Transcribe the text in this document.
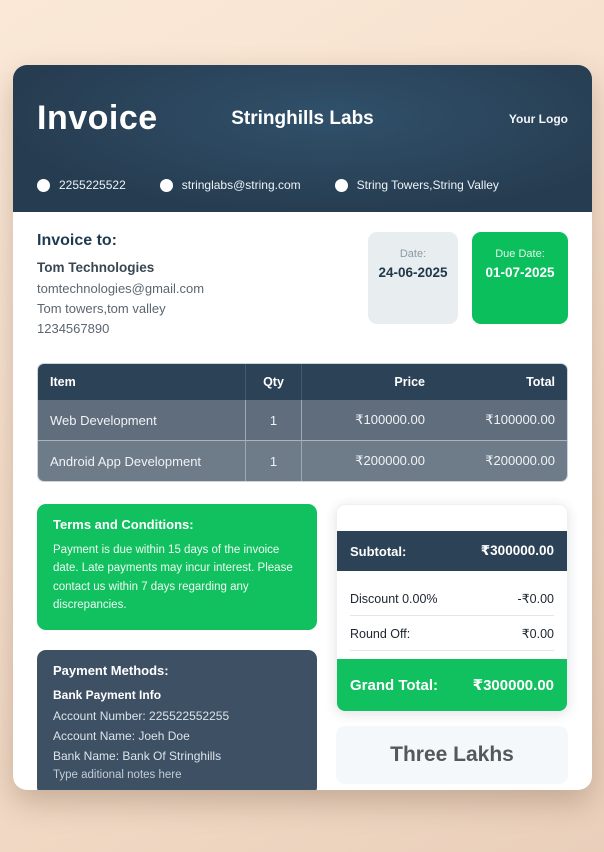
Invoice	Stringhills Labs	Your Logo
2255225522	stringlabs@string.com	String Towers,String Valley
Invoice to:
Tom Technologies
tomtechnologies@gmail.com
Tom towers,tom valley
1234567890
Date:
24-06-2025
Due Date:
01-07-2025
Item	Qty	Price	Total
Web Development	1	₹100000.00	₹100000.00
Android App Development	1	₹200000.00	₹200000.00
Terms and Conditions:

Payment is due within 15 days of the invoice date. Late payments may incur interest. Please contact us within 7 days regarding any discrepancies.

Payment Methods:
Bank Payment Info
Account Number: 225522552255
Account Name: Joeh Doe
Bank Name: Bank Of Stringhills
Type aditional notes here
Subtotal:	₹300000.00
Discount 0.00%	-₹0.00
Round Off:	₹0.00
Grand Total: ₹300000.00
Three Lakhs
